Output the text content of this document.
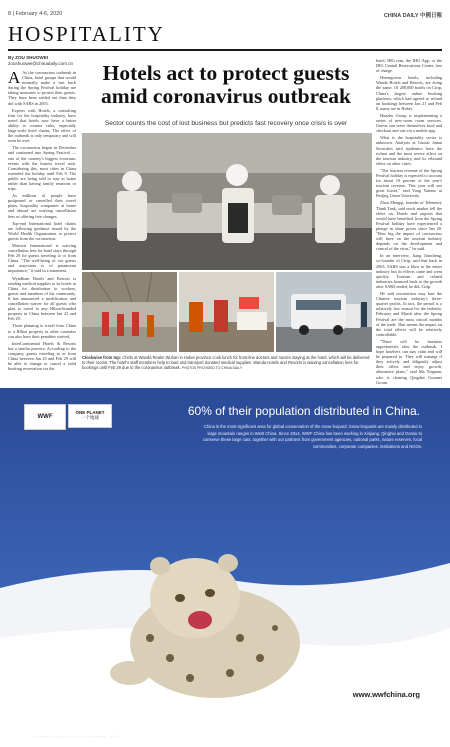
8 | February 4-6, 2020	CHINA DAILY 中國日報
HOSPITALITY
By ZOU SHUOWEI
zoushuowei@chinadaily.com.cn

A As the coronavirus outbreak in China, hotel groups that would normally make a fast buck during the Spring Festival holiday are taking measures to protect their guests. They have been settled out than they did with SARS in 2003.

Experts with Hotels, a consulting firm for the hospitality industry, have noted that hotels now have a better ability to counter risks, especially large-scale hotel chains. The effect of the outbreak is only temporary and will soon be over.

The coronavirus began in December and continued into Spring Festival — one of the country's biggest economic events with the busiest travel rush. Considering this, most cities in China extended the holiday until Feb 9. The public are being told to stay at home rather than having family reunions or trips.

As millions of people have postponed or cancelled their travel plans, hospitality companies at home and abroad are waiving cancellation fees or offering free changes.

Top-end International hotel chains are following guidance issued by the World Health Organization to protect guests from the coronavirus.

Marriott International is waiving cancellation fees for hotel stays through Feb 29 for guests traveling to or from China. "The well-being of our guests and associates is of paramount importance," it said in a statement.

Wyndham Hotels and Resorts is sending medical supplies to its hotels in China for distribution to workers, guests and members of the community. It has announced a modification and cancellation waiver for all guests who plan to travel to any Hilton-branded property in China between Jan 23 and Feb 29.

Those planning to travel from China to a Hilton property in other countries can also have their penalties waived.

InterContinental Hotels & Resorts has a similar practice. According to the company, guests traveling to or from China between Jan 23 and Feb 29 will be able to change or cancel a valid booking reservation via the

Hotels act to protect guests amid coronavirus outbreak
Sector counts the cost of lost business but predicts fast recovery once crisis is over
Clockwise from top: Chefs at Wanda Realm Wuhan in Hubei province cook lunch for front-line doctors and nurses staying at the hotel, which will be delivered to their rooms. The hotel's staff members help to load and transport donated medical supplies. Wanda Hotels and Resorts is waiving cancellation fees for bookings until Feb 29 due to the coronavirus outbreak. PHOTOS PROVIDED TO CHINA DAILY

hotel, IHG.com, the IHG App, or the IHG Central Reservations Center, free of charge.

Homegrown hotels, including Wanda Hotels and Resorts, are doing the same. Of 200,000 hotels on Ctrip, China's largest online booking platform, which had agreed to refund on bookings between Jan 21 and Feb 8, many are in Hubei.

Huazhu Group is implementing a series of new-room room services. Guests can serve themselves food and checkout and can via a mobile app.

What is the hospitality sector is unknown. Analysts at Guotai Junan Securities said epidemics have the richest and the most severe effect on the tourism industry, and its rebound effect on other cities.

"The tourism revenue of the Spring Festival holiday is expected to account for about 10 percent of the year's tourism revenue. This year will see great losses," said Yang Yanxue at Beijing Union University.

Zhou Mengqi, founder of Telemetry Think Tank, said stock market fell the effect on. Hotels and airports that would have benefited from the Spring Festival holiday have experienced a plunge in share prices since Jan 20. "How big the impact of coronavirus will have on the tourism industry depends on the development and control of the virus," he said.

In an interview, Jiang Jiancheng, co-founder of Ctrip, said that back in 2003, SARS was a blow to the entire industry but its effects came and went quickly. Tourism and related industries bounced back to the growth after SARS ended, he did. Ctrip.

He said coronavirus may hurt the Chinese tourism industry's three-quarter profits. In fact, the period is a relatively low season for the industry. February and March after the Spring Festival are the most critical months of the trade. That means the impact on the total effects will be relatively controllable.

"There will be business opportunities after the outbreak. I hope hoteliers can stay calm and will be prepared to. They will manage if they actively and diligently adjust their offers and enjoy growth, alternative plans," said Ma Yingnan, who is chairing Qingdao Guomei Group.

WWF
ONE PLANET
一个地球	60% of their population distributed in China.
China is the most significant area for global conservation of the snow leopard. Snow leopards are mainly distributed in large mountain ranges in West China. Since 2014, WWF China has been working in Xinjiang, Qinghai and Gansu to conserve these large cats, together with our partners from government agencies, national parks, nature reserves, local communities, corporate companies, institutions and NGOs.
www.wwfchina.org
© Antonio Geographic Stock / Steve Winter / WWF
